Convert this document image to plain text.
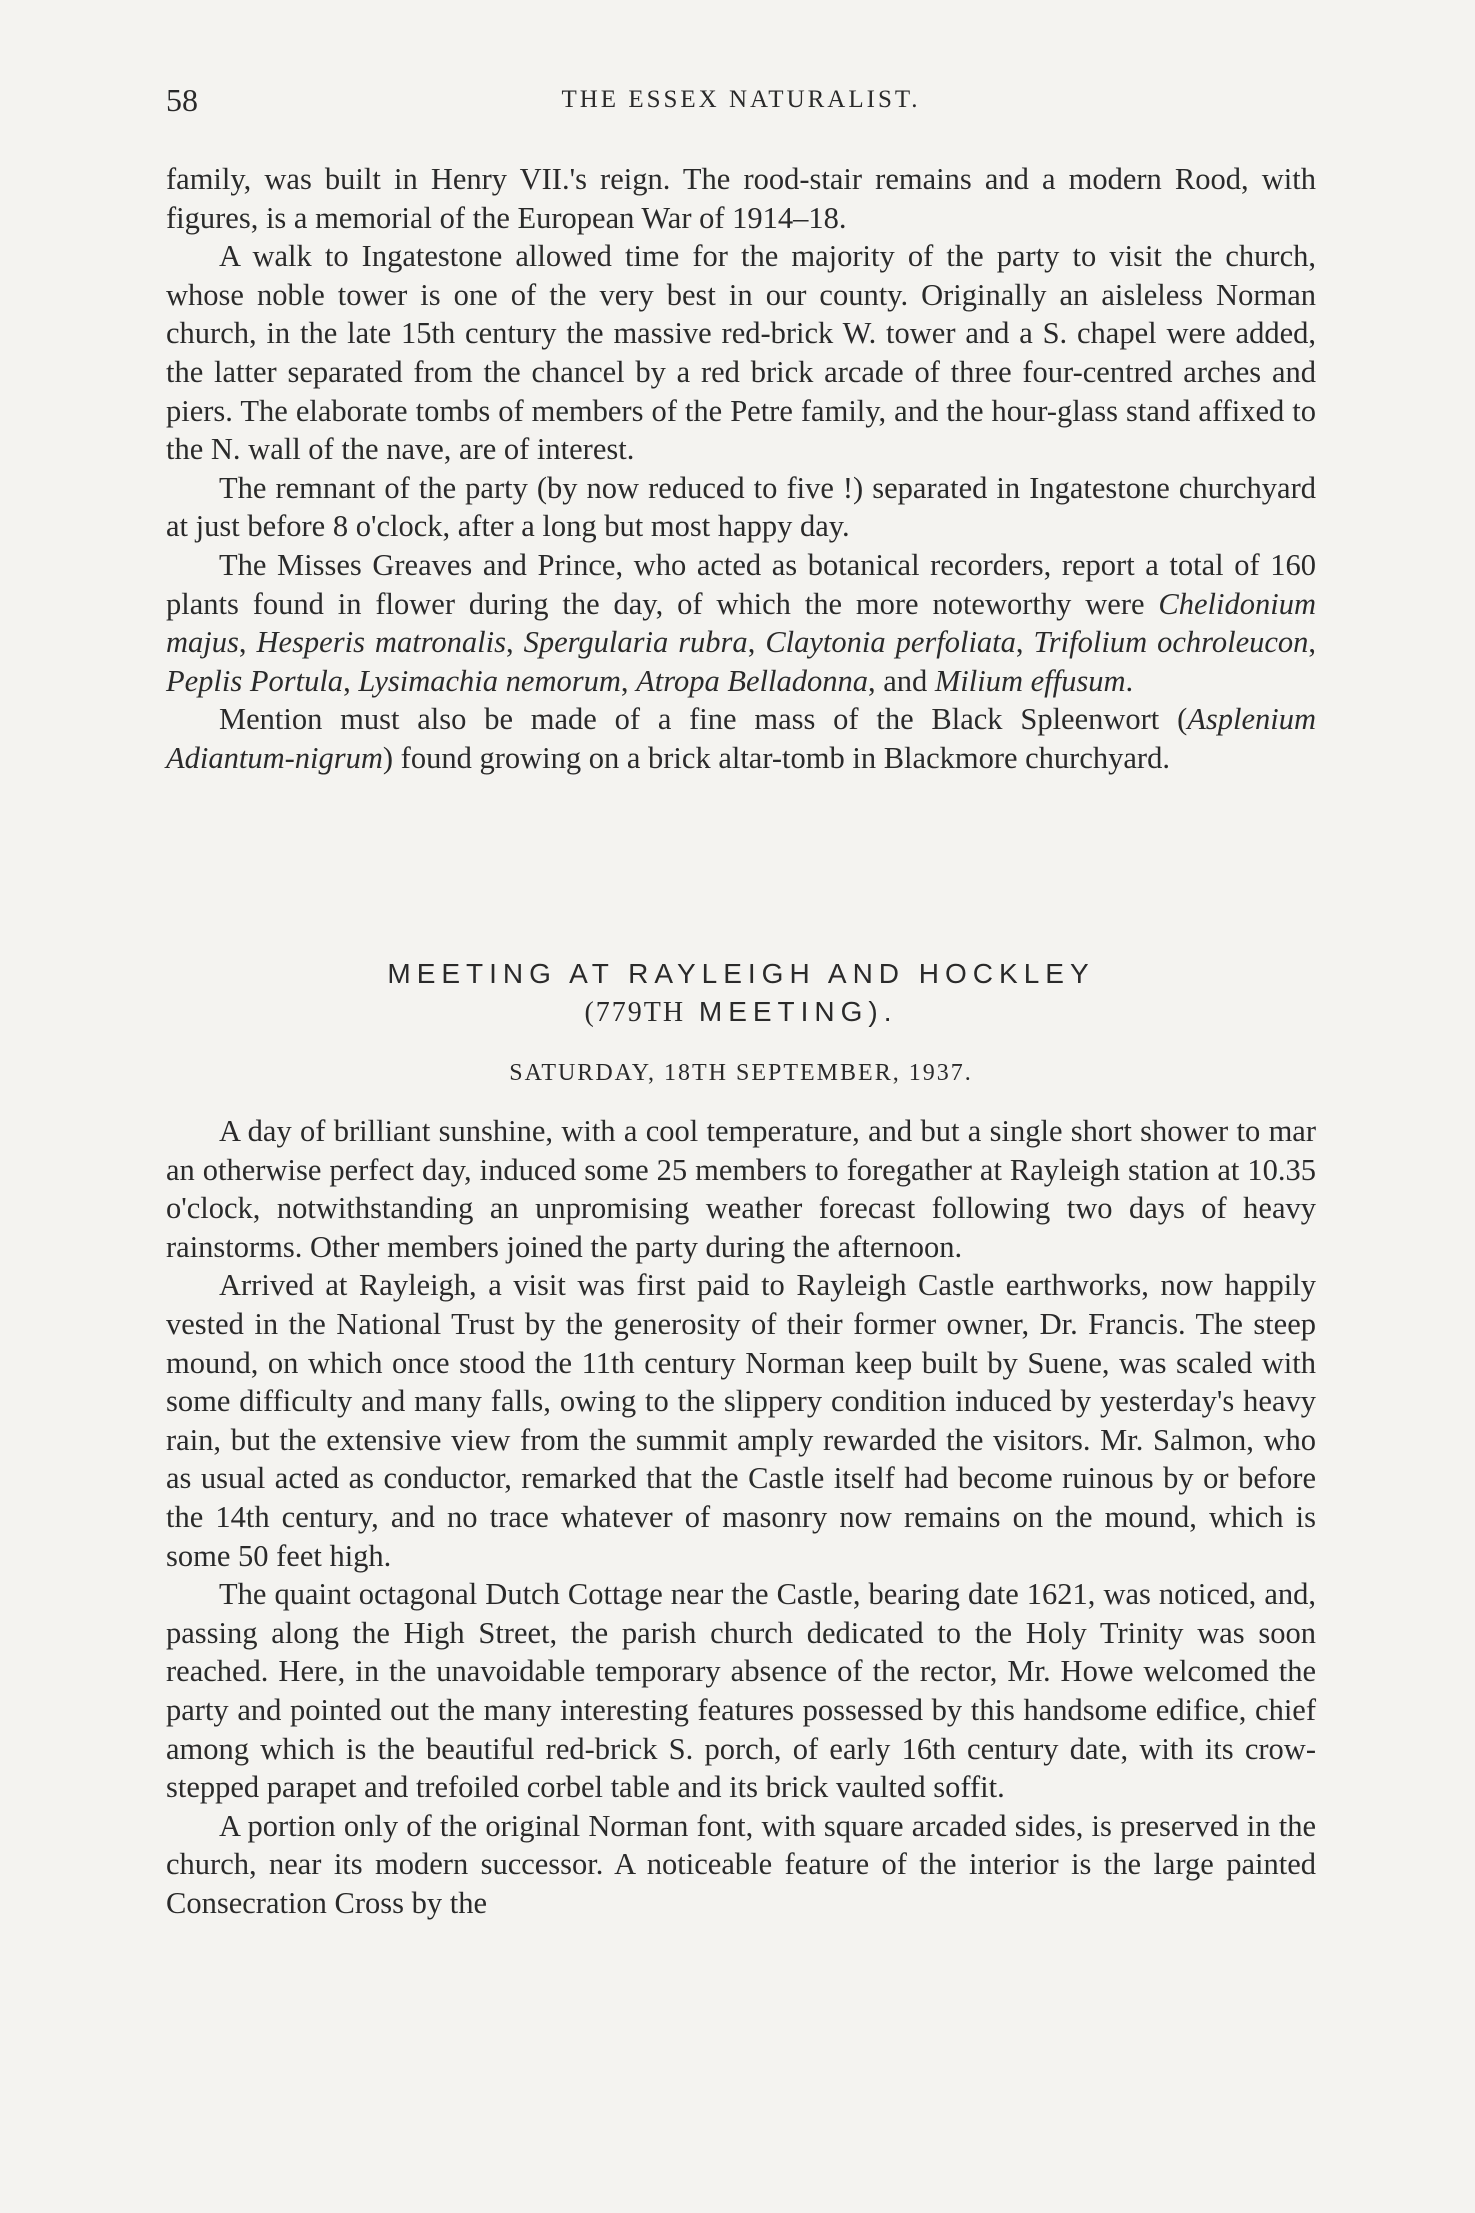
58	THE ESSEX NATURALIST.

family, was built in Henry VII.'s reign. The rood-stair remains and a modern Rood, with figures, is a memorial of the European War of 1914–18.

A walk to Ingatestone allowed time for the majority of the party to visit the church, whose noble tower is one of the very best in our county. Originally an aisleless Norman church, in the late 15th century the massive red-brick W. tower and a S. chapel were added, the latter separated from the chancel by a red brick arcade of three four-centred arches and piers. The elaborate tombs of members of the Petre family, and the hour-glass stand affixed to the N. wall of the nave, are of interest.

The remnant of the party (by now reduced to five !) separated in Ingatestone churchyard at just before 8 o'clock, after a long but most happy day.

The Misses Greaves and Prince, who acted as botanical recorders, report a total of 160 plants found in flower during the day, of which the more noteworthy were Chelidonium majus, Hesperis matronalis, Spergularia rubra, Claytonia perfoliata, Trifolium ochroleucon, Peplis Portula, Lysimachia nemorum, Atropa Belladonna, and Milium effusum.

Mention must also be made of a fine mass of the Black Spleenwort (Asplenium Adiantum-nigrum) found growing on a brick altar-tomb in Blackmore churchyard.

MEETING AT RAYLEIGH AND HOCKLEY
(779TH MEETING).
SATURDAY, 18TH SEPTEMBER, 1937.

A day of brilliant sunshine, with a cool temperature, and but a single short shower to mar an otherwise perfect day, induced some 25 members to foregather at Rayleigh station at 10.35 o'clock, notwithstanding an unpromising weather forecast following two days of heavy rainstorms. Other members joined the party during the afternoon.

Arrived at Rayleigh, a visit was first paid to Rayleigh Castle earthworks, now happily vested in the National Trust by the generosity of their former owner, Dr. Francis. The steep mound, on which once stood the 11th century Norman keep built by Suene, was scaled with some difficulty and many falls, owing to the slippery condition induced by yesterday's heavy rain, but the extensive view from the summit amply rewarded the visitors. Mr. Salmon, who as usual acted as conductor, remarked that the Castle itself had become ruinous by or before the 14th century, and no trace whatever of masonry now remains on the mound, which is some 50 feet high.

The quaint octagonal Dutch Cottage near the Castle, bearing date 1621, was noticed, and, passing along the High Street, the parish church dedicated to the Holy Trinity was soon reached. Here, in the unavoidable temporary absence of the rector, Mr. Howe welcomed the party and pointed out the many interesting features possessed by this handsome edifice, chief among which is the beautiful red-brick S. porch, of early 16th century date, with its crow-stepped parapet and trefoiled corbel table and its brick vaulted soffit.

A portion only of the original Norman font, with square arcaded sides, is preserved in the church, near its modern successor. A noticeable feature of the interior is the large painted Consecration Cross by the
